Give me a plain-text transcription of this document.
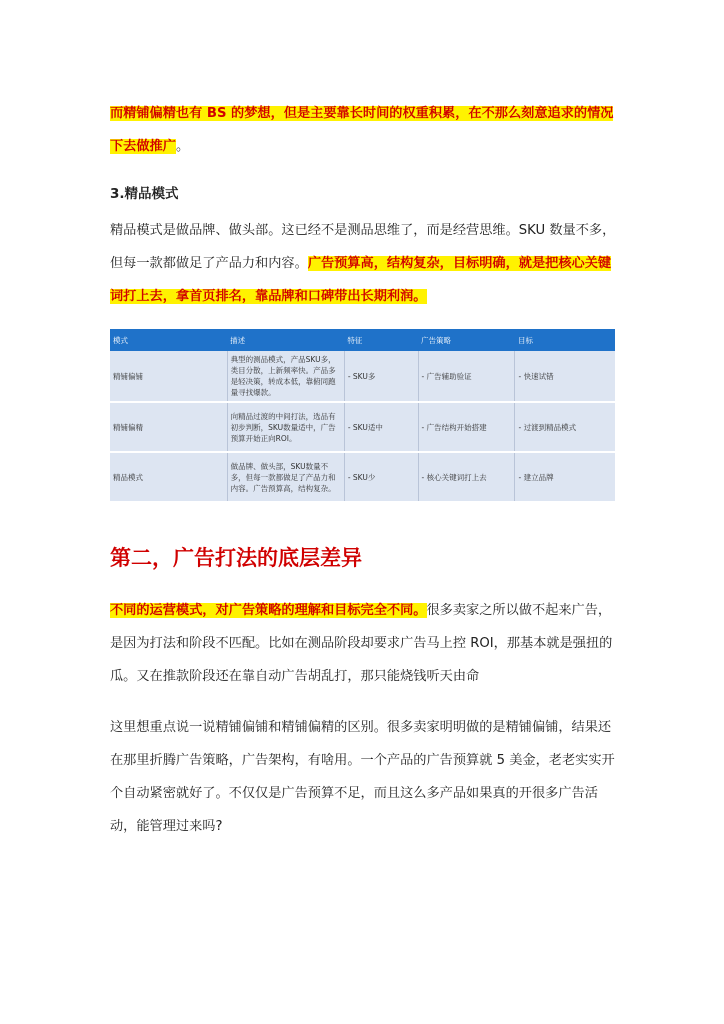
而精铺偏精也有 BS 的梦想，但是主要靠长时间的权重积累，在不那么刻意追求的情况下去做推广。

3.精品模式

精品模式是做品牌、做头部。这已经不是测品思维了，而是经营思维。SKU 数量不多，但每一款都做足了产品力和内容。广告预算高，结构复杂，目标明确，就是把核心关键词打上去，拿首页排名，靠品牌和口碑带出长期利润。

模式	描述	特征	广告策略	目标
精铺偏铺	典型的测品模式，产品SKU多，类目分散，上新频率快。产品多是轻决策，转成本低，靠俯同跑量寻找爆款。	- SKU多	- 广告辅助验证	- 快速试错
精铺偏精	向精品过渡的中间打法，选品有初步判断，SKU数量适中，广告预算开始正向ROI。	- SKU适中	- 广告结构开始搭建	- 过渡到精品模式
精品模式	做品牌、做头部，SKU数量不多，但每一款都做足了产品力和内容。广告预算高，结构复杂。	- SKU少	- 核心关键词打上去	- 建立品牌
第二，广告打法的底层差异

不同的运营模式，对广告策略的理解和目标完全不同。很多卖家之所以做不起来广告，是因为打法和阶段不匹配。比如在测品阶段却要求广告马上控 ROI，那基本就是强扭的瓜。又在推款阶段还在靠自动广告胡乱打，那只能烧钱听天由命

这里想重点说一说精铺偏铺和精铺偏精的区别。很多卖家明明做的是精铺偏铺，结果还在那里折腾广告策略，广告架构，有啥用。一个产品的广告预算就 5 美金，老老实实开个自动紧密就好了。不仅仅是广告预算不足，而且这么多产品如果真的开很多广告活动，能管理过来吗?
